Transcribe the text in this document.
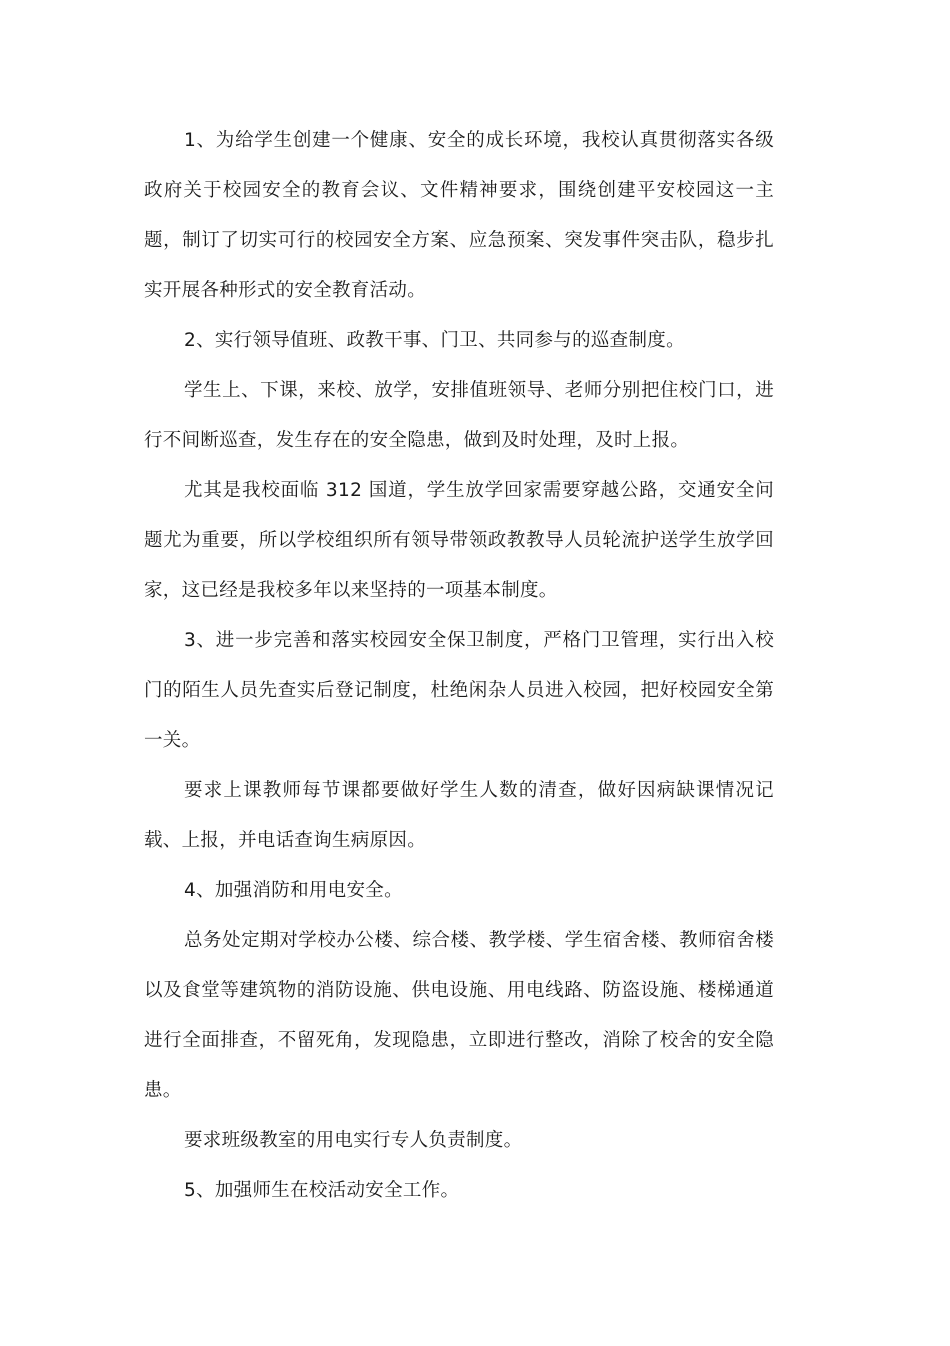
1、为给学生创建一个健康、安全的成长环境，我校认真贯彻落实各级政府关于校园安全的教育会议、文件精神要求，围绕创建平安校园这一主题，制订了切实可行的校园安全方案、应急预案、突发事件突击队，稳步扎实开展各种形式的安全教育活动。

2、实行领导值班、政教干事、门卫、共同参与的巡查制度。

学生上、下课，来校、放学，安排值班领导、老师分别把住校门口，进行不间断巡查，发生存在的安全隐患，做到及时处理，及时上报。

尤其是我校面临 312 国道，学生放学回家需要穿越公路，交通安全问题尤为重要，所以学校组织所有领导带领政教教导人员轮流护送学生放学回家，这已经是我校多年以来坚持的一项基本制度。

3、进一步完善和落实校园安全保卫制度，严格门卫管理，实行出入校门的陌生人员先查实后登记制度，杜绝闲杂人员进入校园，把好校园安全第一关。

要求上课教师每节课都要做好学生人数的清查，做好因病缺课情况记载、上报，并电话查询生病原因。

4、加强消防和用电安全。

总务处定期对学校办公楼、综合楼、教学楼、学生宿舍楼、教师宿舍楼以及食堂等建筑物的消防设施、供电设施、用电线路、防盗设施、楼梯通道进行全面排查，不留死角，发现隐患，立即进行整改，消除了校舍的安全隐患。

要求班级教室的用电实行专人负责制度。

5、加强师生在校活动安全工作。
